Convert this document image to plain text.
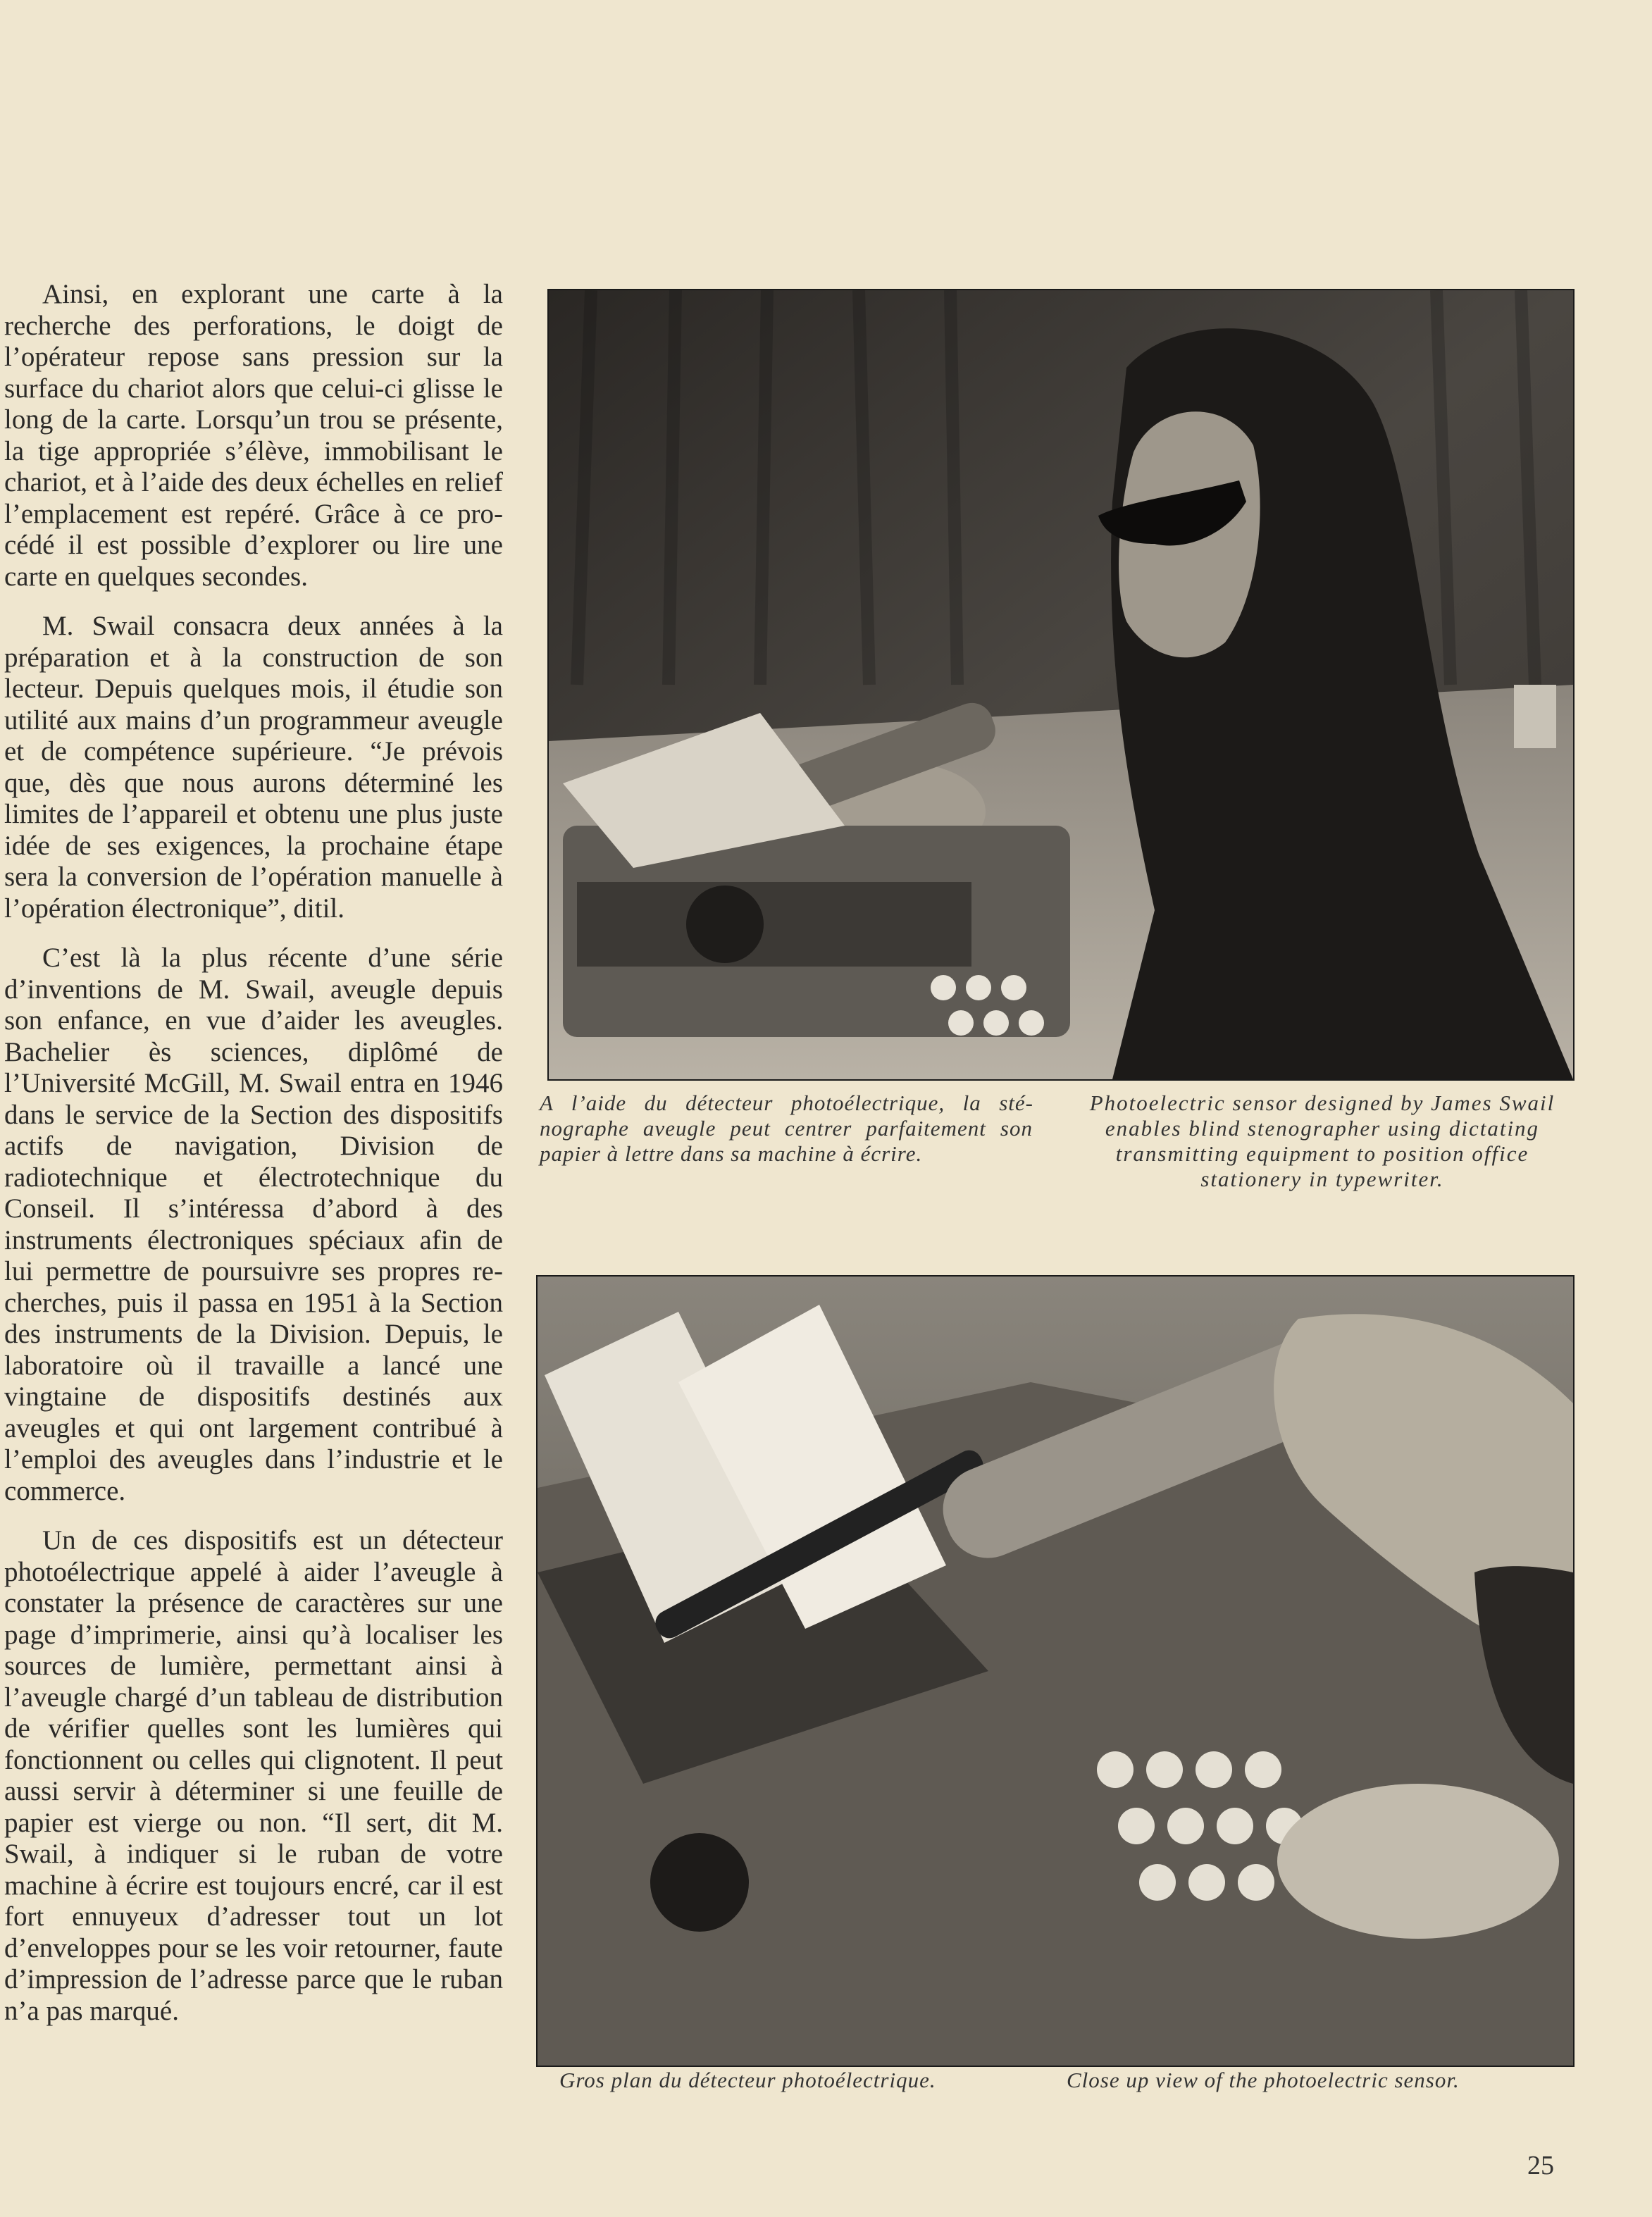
Ainsi, en explorant une carte à la recherche des perforations, le doigt de l’opérateur repose sans pression sur la surface du chariot alors que celui-ci glisse le long de la carte. Lorsqu’un trou se présente, la tige appropriée s’élève, immobilisant le chariot, et à l’aide des deux échelles en relief l’emplacement est repéré. Grâce à ce procédé il est possible d’explorer ou lire une carte en quelques secondes.

M. Swail consacra deux années à la préparation et à la construction de son lecteur. Depuis quelques mois, il étudie son utilité aux mains d’un programmeur aveugle et de compétence supérieure. “Je prévois que, dès que nous aurons déterminé les limites de l’appareil et obtenu une plus juste idée de ses exigences, la prochaine étape sera la conversion de l’opération manuelle à l’opération électronique”, ditil.

C’est là la plus récente d’une série d’inventions de M. Swail, aveugle depuis son enfance, en vue d’aider les aveugles. Bachelier ès sciences, diplômé de l’Université McGill, M. Swail entra en 1946 dans le service de la Section des dispositifs actifs de navigation, Division de radiotechnique et électrotechnique du Conseil. Il s’intéressa d’abord à des instruments électroniques spéciaux afin de lui permettre de poursuivre ses propres recherches, puis il passa en 1951 à la Section des instruments de la Division. Depuis, le laboratoire où il travaille a lancé une vingtaine de dispositifs destinés aux aveugles et qui ont largement contribué à l’emploi des aveugles dans l’industrie et le commerce.

Un de ces dispositifs est un détecteur photoélectrique appelé à aider l’aveugle à constater la présence de caractères sur une page d’imprimerie, ainsi qu’à localiser les sources de lumière, permettant ainsi à l’aveugle chargé d’un tableau de distribution de vérifier quelles sont les lumières qui fonctionnent ou celles qui clignotent. Il peut aussi servir à déterminer si une feuille de papier est vierge ou non. “Il sert, dit M. Swail, à indiquer si le ruban de votre machine à écrire est toujours encré, car il est fort ennuyeux d’adresser tout un lot d’enveloppes pour se les voir retourner, faute d’impression de l’adresse parce que le ruban n’a pas marqué.

A l’aide du détecteur photoélectrique, la sténographe aveugle peut centrer parfaitement son papier à lettre dans sa machine à écrire.
Photoelectric sensor designed by James Swail enables blind stenographer using dictating transmitting equipment to position office stationery in typewriter.
Gros plan du détecteur photoélectrique.	Close up view of the photoelectric sensor.
25
